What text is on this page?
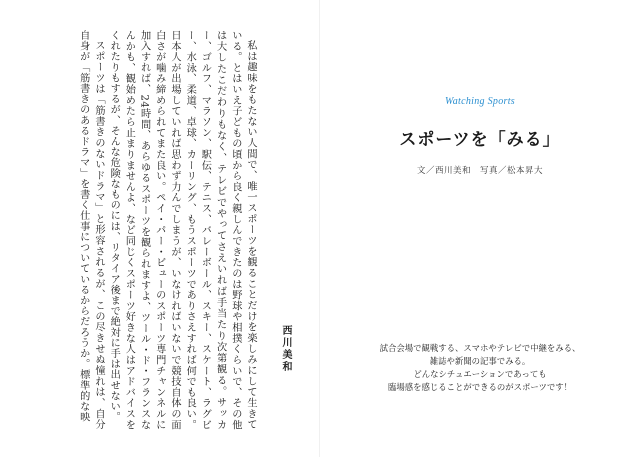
私は趣味をもたない人間で、唯一スポーツを観ることだけを楽しみにして生きている。とはいえ子どもの頃から良く親しんできたのは野球や相撲くらいで、その他は大したこだわりもなく、テレビでやってさえいれば手当たり次第観る。サッカー、ゴルフ、マラソン、駅伝、テニス、バレーボール、スキー、スケート、ラグビー、水泳、柔道、卓球、カーリング、もうスポーツでありさえすれば何でも良い。日本人が出場していれば思わず力んでしまうが、いなければいないで競技自体の面白さが噛み締められてまた良い。ペイ・パー・ビューのスポーツ専門チャンネルに加入すれば、24時間、あらゆるスポーツを観られますよ、ツール・ド・フランスなんかも、観始めたら止まりませんよ、など同じくスポーツ好きな人はアドバイスをくれたりもするが、そんな危険なものには、リタイア後まで絶対に手は出せない。

スポーツは「筋書きのないドラマ」と形容されるが、この尽きせぬ憧れは、自分自身が「筋書きのあるドラマ」を書く仕事についているからだろうか。標準的な映	西川美和
Watching Sports
スポーツを「みる」
文／西川美和　写真／松本昇大
試合会場で観戦する、スマホやテレビで中継をみる、
雑誌や新聞の記事でみる。
どんなシチュエーションであっても
臨場感を感じることができるのがスポーツです！
